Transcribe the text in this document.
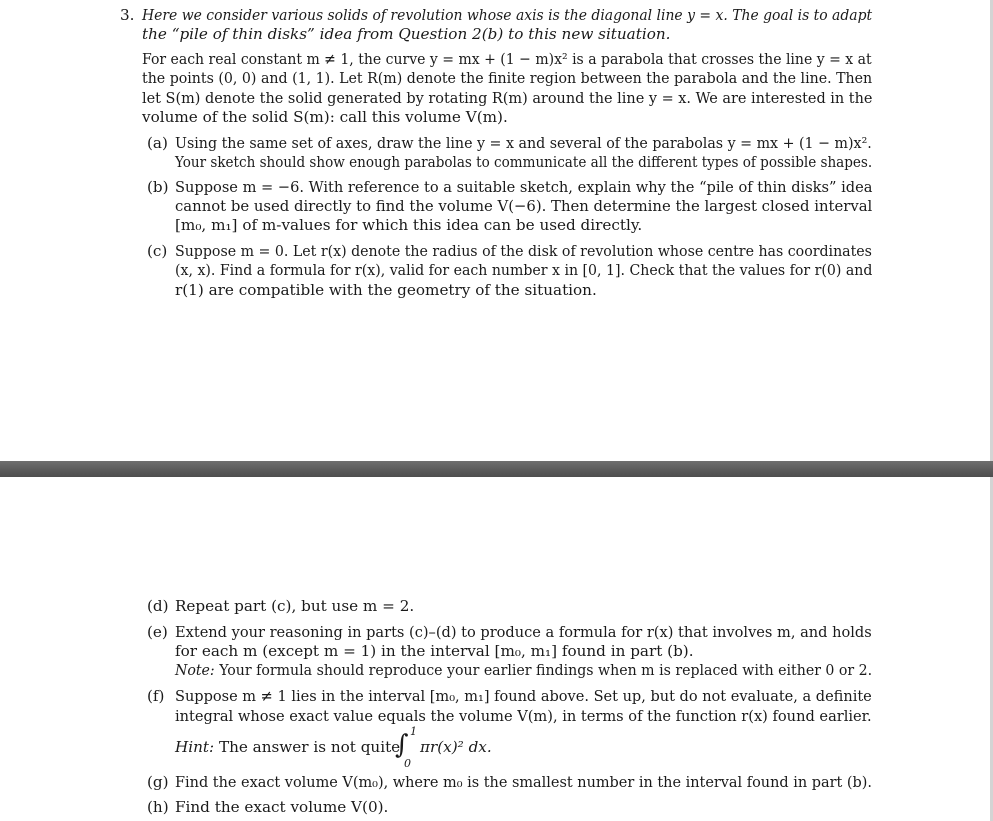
3. Here we consider various solids of revolution whose axis is the diagonal line y = x. The goal is to adapt
the “pile of thin disks” idea from Question 2(b) to this new situation.
For each real constant m ≠ 1, the curve y = mx + (1 − m)x² is a parabola that crosses the line y = x at
the points (0, 0) and (1, 1). Let R(m) denote the finite region between the parabola and the line. Then
let S(m) denote the solid generated by rotating R(m) around the line y = x. We are interested in the
volume of the solid S(m): call this volume V(m).
(a) Using the same set of axes, draw the line y = x and several of the parabolas y = mx + (1 − m)x².
Your sketch should show enough parabolas to communicate all the different types of possible shapes.
(b) Suppose m = −6. With reference to a suitable sketch, explain why the “pile of thin disks” idea
cannot be used directly to find the volume V(−6). Then determine the largest closed interval
[m₀, m₁] of m-values for which this idea can be used directly.
(c) Suppose m = 0. Let r(x) denote the radius of the disk of revolution whose centre has coordinates
(x, x). Find a formula for r(x), valid for each number x in [0, 1]. Check that the values for r(0) and
r(1) are compatible with the geometry of the situation.
(d) Repeat part (c), but use m = 2.
(e) Extend your reasoning in parts (c)–(d) to produce a formula for r(x) that involves m, and holds
for each m (except m = 1) in the interval [m₀, m₁] found in part (b).
Note: Your formula should reproduce your earlier findings when m is replaced with either 0 or 2.
(f) Suppose m ≠ 1 lies in the interval [m₀, m₁] found above. Set up, but do not evaluate, a definite
integral whose exact value equals the volume V(m), in terms of the function r(x) found earlier.
Hint: The answer is not quite
∫ 1
0
πr(x)² dx.
(g) Find the exact volume V(m₀), where m₀ is the smallest number in the interval found in part (b).
(h) Find the exact volume V(0).
